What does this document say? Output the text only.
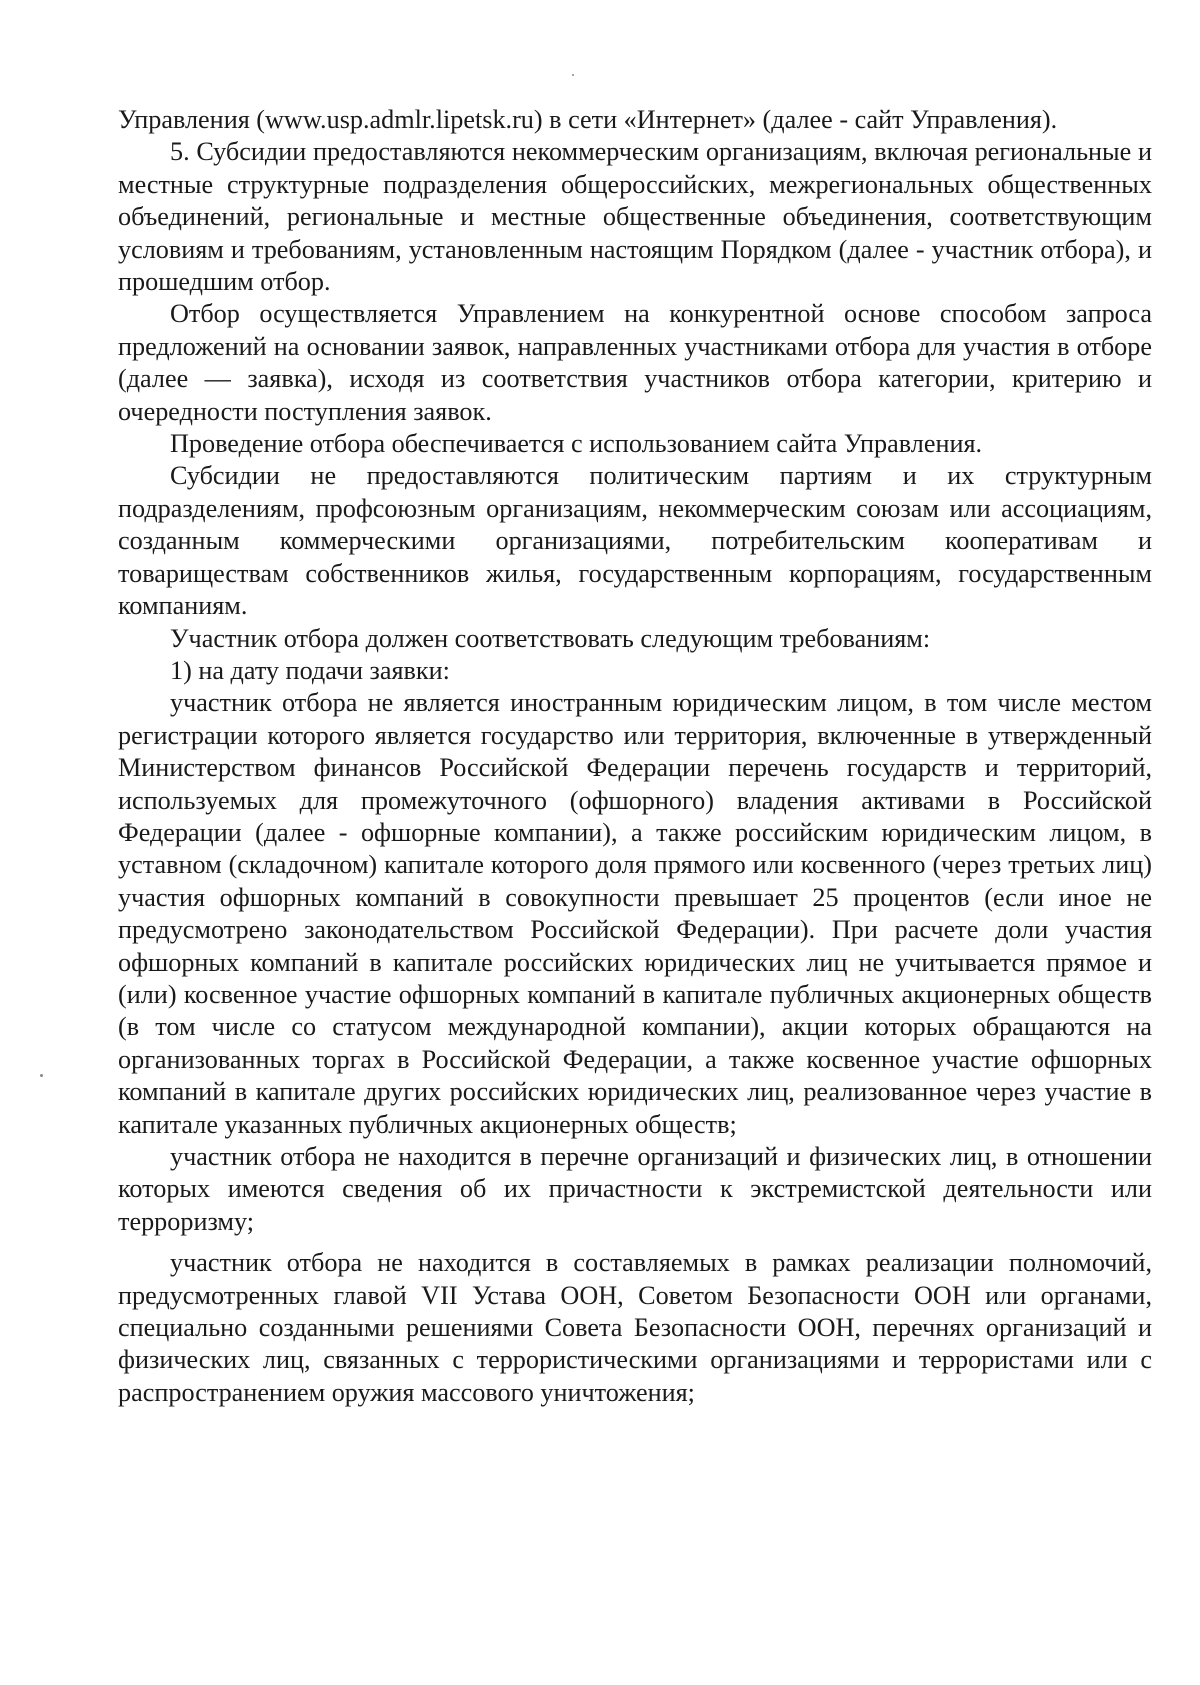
Управления (www.usp.admlr.lipetsk.ru) в сети «Интернет» (далее - сайт Управления).

5. Субсидии предоставляются некоммерческим организациям, включая региональные и местные структурные подразделения общероссийских, межрегиональных общественных объединений, региональные и местные общественные объединения, соответствующим условиям и требованиям, установленным настоящим Порядком (далее - участник отбора), и прошедшим отбор.

Отбор осуществляется Управлением на конкурентной основе способом запроса предложений на основании заявок, направленных участниками отбора для участия в отборе (далее — заявка), исходя из соответствия участников отбора категории, критерию и очередности поступления заявок.

Проведение отбора обеспечивается с использованием сайта Управления.

Субсидии не предоставляются политическим партиям и их структурным подразделениям, профсоюзным организациям, некоммерческим союзам или ассоциациям, созданным коммерческими организациями, потребительским кооперативам и товариществам собственников жилья, государственным корпорациям, государственным компаниям.

Участник отбора должен соответствовать следующим требованиям:

1) на дату подачи заявки:

участник отбора не является иностранным юридическим лицом, в том числе местом регистрации которого является государство или территория, включенные в утвержденный Министерством финансов Российской Федерации перечень государств и территорий, используемых для промежуточного (офшорного) владения активами в Российской Федерации (далее - офшорные компании), а также российским юридическим лицом, в уставном (складочном) капитале которого доля прямого или косвенного (через третьих лиц) участия офшорных компаний в совокупности превышает 25 процентов (если иное не предусмотрено законодательством Российской Федерации). При расчете доли участия офшорных компаний в капитале российских юридических лиц не учитывается прямое и (или) косвенное участие офшорных компаний в капитале публичных акционерных обществ (в том числе со статусом международной компании), акции которых обращаются на организованных торгах в Российской Федерации, а также косвенное участие офшорных компаний в капитале других российских юридических лиц, реализованное через участие в капитале указанных публичных акционерных обществ;

участник отбора не находится в перечне организаций и физических лиц, в отношении которых имеются сведения об их причастности к экстремистской деятельности или терроризму;

участник отбора не находится в составляемых в рамках реализации полномочий, предусмотренных главой VII Устава ООН, Советом Безопасности ООН или органами, специально созданными решениями Совета Безопасности ООН, перечнях организаций и физических лиц, связанных с террористическими организациями и террористами или с распространением оружия массового уничтожения;
